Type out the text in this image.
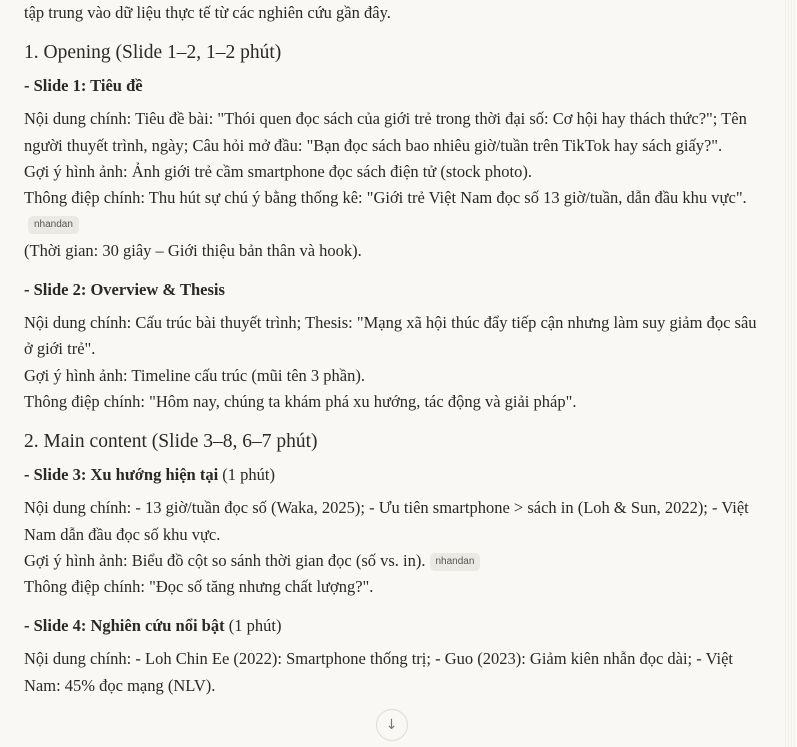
tập trung vào dữ liệu thực tế từ các nghiên cứu gần đây.

1. Opening (Slide 1–2, 1–2 phút)
- Slide 1: Tiêu đề

Nội dung chính: Tiêu đề bài: "Thói quen đọc sách của giới trẻ trong thời đại số: Cơ hội hay thách thức?"; Tên người thuyết trình, ngày; Câu hỏi mở đầu: "Bạn đọc sách bao nhiêu giờ/tuần trên TikTok hay sách giấy?".

Gợi ý hình ảnh: Ảnh giới trẻ cầm smartphone đọc sách điện tử (stock photo).

Thông điệp chính: Thu hút sự chú ý bằng thống kê: "Giới trẻ Việt Nam đọc số 13 giờ/tuần, dẫn đầu khu vực".nhandan

(Thời gian: 30 giây – Giới thiệu bản thân và hook).

- Slide 2: Overview & Thesis

Nội dung chính: Cấu trúc bài thuyết trình; Thesis: "Mạng xã hội thúc đẩy tiếp cận nhưng làm suy giảm đọc sâu ở giới trẻ".

Gợi ý hình ảnh: Timeline cấu trúc (mũi tên 3 phần).

Thông điệp chính: "Hôm nay, chúng ta khám phá xu hướng, tác động và giải pháp".

2. Main content (Slide 3–8, 6–7 phút)
- Slide 3: Xu hướng hiện tại (1 phút)

Nội dung chính: - 13 giờ/tuần đọc số (Waka, 2025); - Ưu tiên smartphone > sách in (Loh & Sun, 2022); - Việt Nam dẫn đầu đọc số khu vực.

Gợi ý hình ảnh: Biểu đồ cột so sánh thời gian đọc (số vs. in). nhandan

Thông điệp chính: "Đọc số tăng nhưng chất lượng?".

- Slide 4: Nghiên cứu nổi bật (1 phút)

Nội dung chính: - Loh Chin Ee (2022): Smartphone thống trị; - Guo (2023): Giảm kiên nhẫn đọc dài; - Việt Nam: 45% đọc mạng (NLV).

↓
